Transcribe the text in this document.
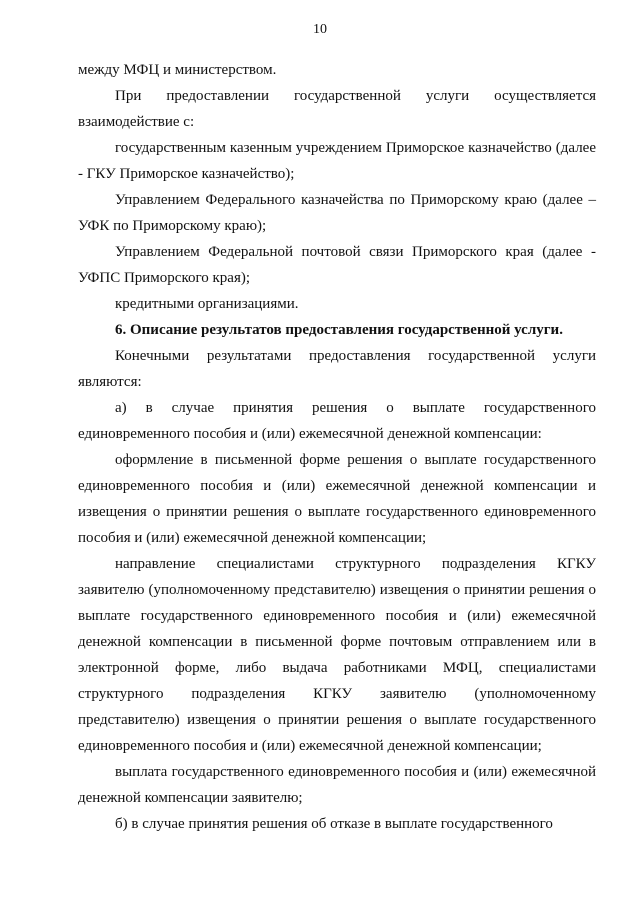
10

между МФЦ и министерством.

При предоставлении государственной услуги осуществляется взаимодействие с:

государственным казенным учреждением Приморское казначейство (далее - ГКУ Приморское казначейство);

Управлением Федерального казначейства по Приморскому краю (далее – УФК по Приморскому краю);

Управлением Федеральной почтовой связи Приморского края (далее - УФПС Приморского края);

кредитными организациями.

6. Описание результатов предоставления государственной услуги.

Конечными результатами предоставления государственной услуги являются:

а) в случае принятия решения о выплате государственного единовременного пособия и (или) ежемесячной денежной компенсации:

оформление в письменной форме решения о выплате государственного единовременного пособия и (или) ежемесячной денежной компенсации и извещения о принятии решения о выплате государственного единовременного пособия и (или) ежемесячной денежной компенсации;

направление специалистами структурного подразделения КГКУ заявителю (уполномоченному представителю) извещения о принятии решения о выплате государственного единовременного пособия и (или) ежемесячной денежной компенсации в письменной форме почтовым отправлением или в электронной форме, либо выдача работниками МФЦ, специалистами структурного подразделения КГКУ заявителю (уполномоченному представителю) извещения о принятии решения о выплате государственного единовременного пособия и (или) ежемесячной денежной компенсации;

выплата государственного единовременного пособия и (или) ежемесячной денежной компенсации заявителю;

б) в случае принятия решения об отказе в выплате государственного
